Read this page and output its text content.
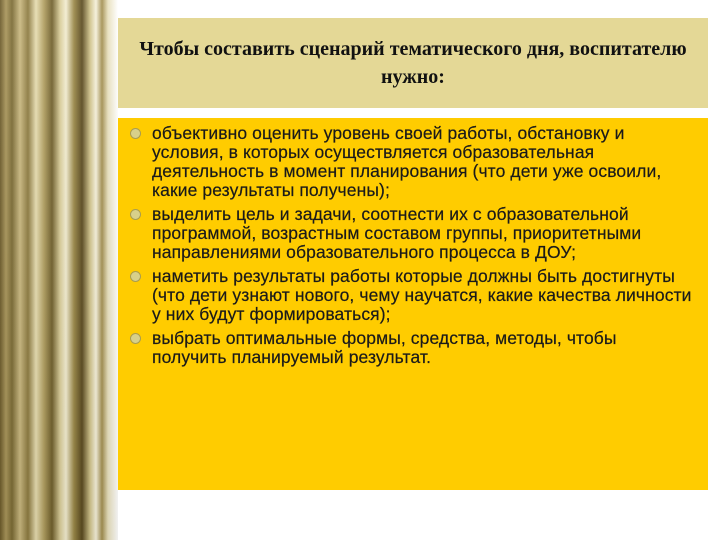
Чтобы составить сценарий тематического дня, воспитателю нужно:
объективно оценить уровень своей работы, обстановку и условия, в которых осуществляется образовательная деятельность в момент планирования (что дети уже освоили, какие результаты получены);
выделить цель и задачи, соотнести их с образовательной программой, возрастным составом группы, приоритетными направлениями образовательного процесса в ДОУ;
наметить результаты работы которые должны быть достигнуты (что дети узнают нового, чему научатся, какие качества личности у них будут формироваться);
выбрать оптимальные формы, средства, методы, чтобы получить планируемый результат.
